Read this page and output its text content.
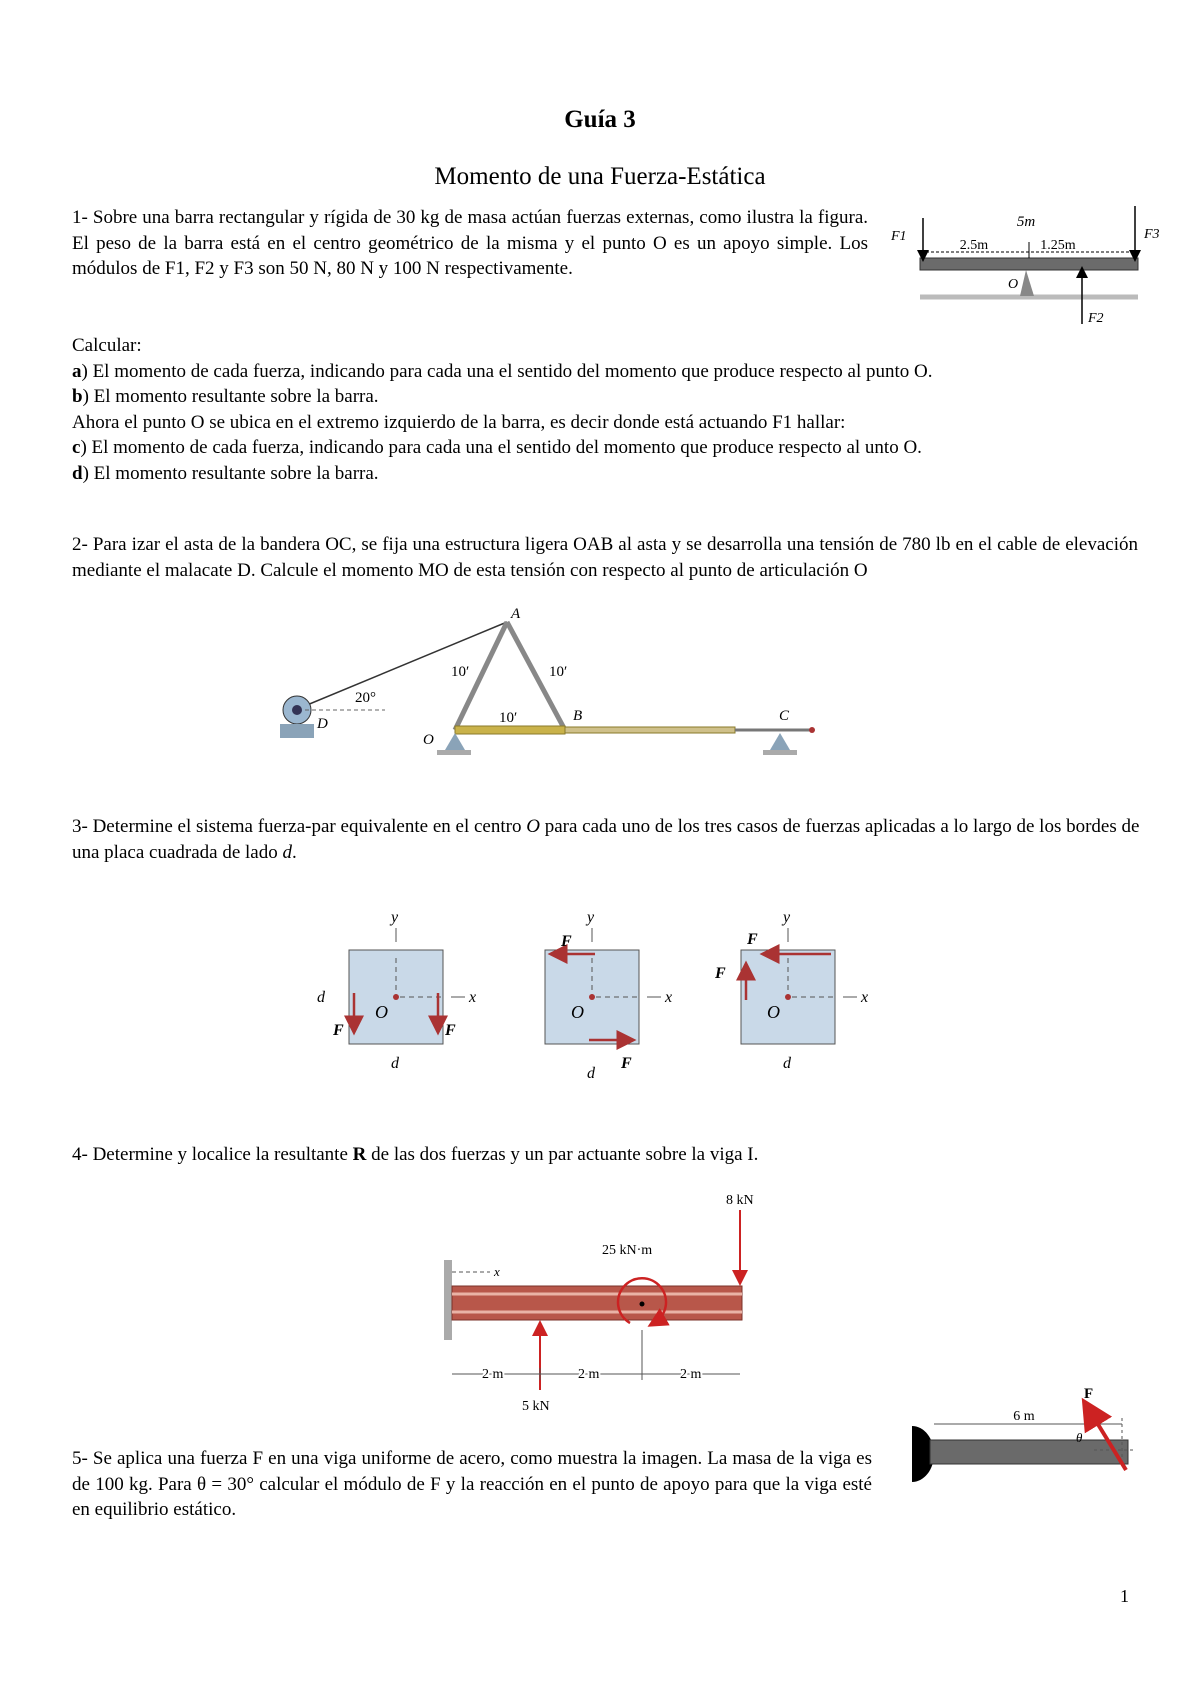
Guía 3
Momento de una Fuerza-Estática
1- Sobre una barra rectangular y rígida de 30 kg de masa actúan fuerzas externas, como ilustra la figura. El peso de la barra está en el centro geométrico de la misma y el punto O es un apoyo simple. Los módulos de F1, F2 y F3 son 50 N, 80 N y 100 N respectivamente.
Calcular:
a) El momento de cada fuerza, indicando para cada una el sentido del momento que produce respecto al punto O.
b) El momento resultante sobre la barra.
Ahora el punto O se ubica en el extremo izquierdo de la barra, es decir donde está actuando F1 hallar:
c) El momento de cada fuerza, indicando para cada una el sentido del momento que produce respecto al unto O.
d) El momento resultante sobre la barra.
5m
2.5m	1.25m
F1	F3
F2
O
2- Para izar el asta de la bandera OC, se fija una estructura ligera OAB al asta y se desarrolla una tensión de 780 lb en el cable de elevación mediante el malacate D. Calcule el momento MO de esta tensión con respecto al punto de articulación O
20°
A
B	C
D
O
10′	10′
10′
3- Determine el sistema fuerza-par equivalente en el centro O para cada uno de los tres casos de fuerzas aplicadas a lo largo de los bordes de una placa cuadrada de lado d.
y
x
O
F	F
d
d
y
x
O
F
F
d
y
x
O
F
F
d
4- Determine y localice la resultante R de las dos fuerzas y un par actuante sobre la viga I.
x
8 kN
5 kN
25 kN·m
2 m	2 m	2 m
5- Se aplica una fuerza F en una viga uniforme de acero, como muestra la imagen. La masa de la viga es de 100 kg. Para θ = 30° calcular el módulo de F y la reacción en el punto de apoyo para que la viga esté en equilibrio estático.
6 m
F
θ
1
